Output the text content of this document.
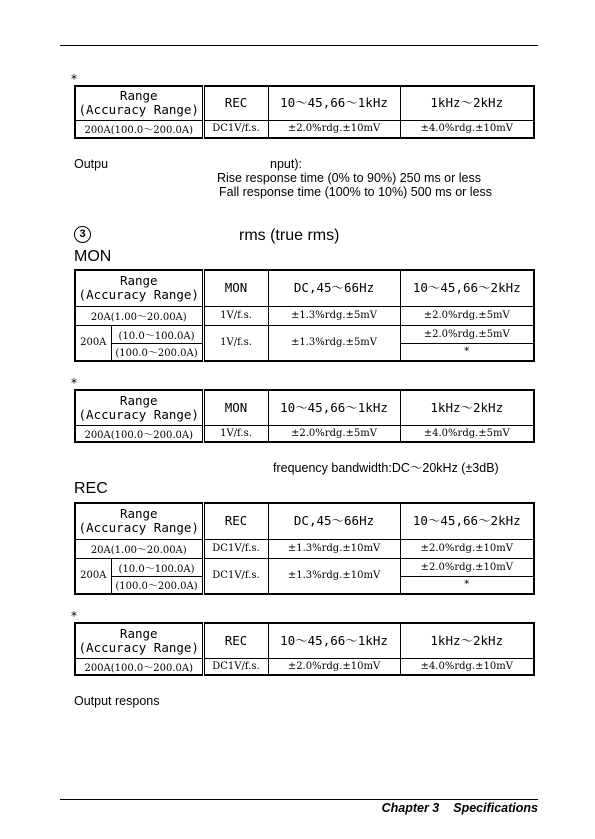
*
Range
(Accuracy Range)	REC	10～45,66～1kHz	1kHz～2kHz
200A(100.0～200.0A)	DC1V/f.s.	±2.0%rdg.±10mV	±4.0%rdg.±10mV
Outpu	nput):
Rise response time (0% to 90%) 250 ms or less
Fall response time (100% to 10%) 500 ms or less
3	rms (true rms)
MON
Range
(Accuracy Range)		MON	DC,45～66Hz	10～45,66～2kHz
20A(1.00～20.00A)		1V/f.s.	±1.3%rdg.±5mV	±2.0%rdg.±5mV
200A	(10.0～100.0A)	1V/f.s.	±1.3%rdg.±5mV	±2.0%rdg.±5mV
	(100.0～200.0A)			*
*
Range
(Accuracy Range)	MON	10～45,66～1kHz	1kHz～2kHz
200A(100.0～200.0A)	1V/f.s.	±2.0%rdg.±5mV	±4.0%rdg.±5mV
frequency bandwidth:DC～20kHz (±3dB)
REC
Range
(Accuracy Range)		REC	DC,45～66Hz	10～45,66～2kHz
20A(1.00～20.00A)		DC1V/f.s.	±1.3%rdg.±10mV	±2.0%rdg.±10mV
200A	(10.0～100.0A)	DC1V/f.s.	±1.3%rdg.±10mV	±2.0%rdg.±10mV
	(100.0～200.0A)			*
*
Range
(Accuracy Range)	REC	10～45,66～1kHz	1kHz～2kHz
200A(100.0～200.0A)	DC1V/f.s.	±2.0%rdg.±10mV	±4.0%rdg.±10mV
Output respons
Chapter 3 Specifications
